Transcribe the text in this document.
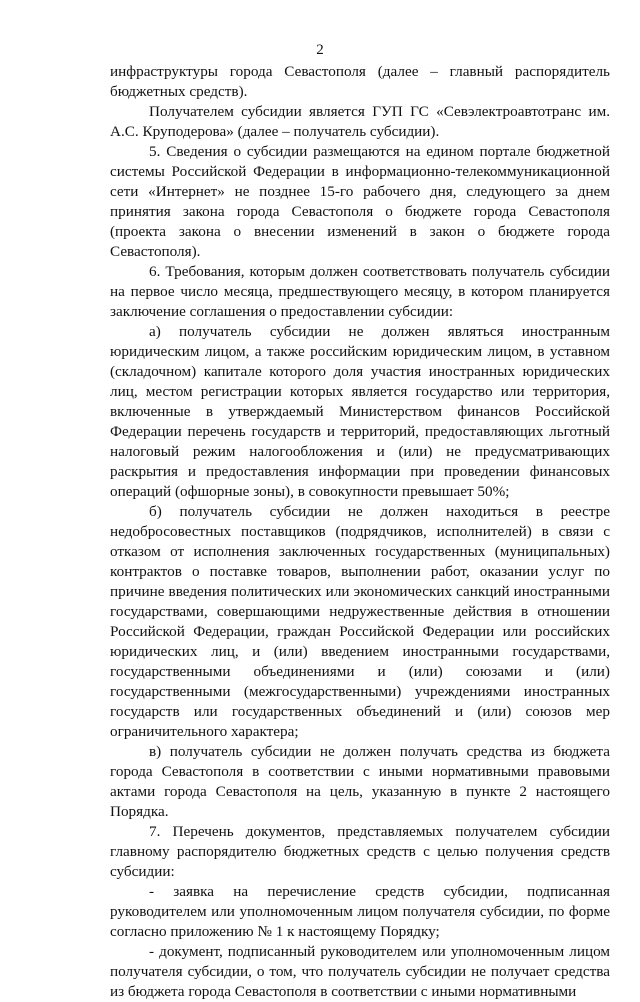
2

инфраструктуры города Севастополя (далее – главный распорядитель бюджетных средств).

Получателем субсидии является ГУП ГС «Севэлектроавтотранс им. А.С. Круподерова» (далее – получатель субсидии).

5. Сведения о субсидии размещаются на едином портале бюджетной системы Российской Федерации в информационно-телекоммуникационной сети «Интернет» не позднее 15-го рабочего дня, следующего за днем принятия закона города Севастополя о бюджете города Севастополя (проекта закона о внесении изменений в закон о бюджете города Севастополя).

6. Требования, которым должен соответствовать получатель субсидии на первое число месяца, предшествующего месяцу, в котором планируется заключение соглашения о предоставлении субсидии:

а) получатель субсидии не должен являться иностранным юридическим лицом, а также российским юридическим лицом, в уставном (складочном) капитале которого доля участия иностранных юридических лиц, местом регистрации которых является государство или территория, включенные в утверждаемый Министерством финансов Российской Федерации перечень государств и территорий, предоставляющих льготный налоговый режим налогообложения и (или) не предусматривающих раскрытия и предоставления информации при проведении финансовых операций (офшорные зоны), в совокупности превышает 50%;

б) получатель субсидии не должен находиться в реестре недобросовестных поставщиков (подрядчиков, исполнителей) в связи с отказом от исполнения заключенных государственных (муниципальных) контрактов о поставке товаров, выполнении работ, оказании услуг по причине введения политических или экономических санкций иностранными государствами, совершающими недружественные действия в отношении Российской Федерации, граждан Российской Федерации или российских юридических лиц, и (или) введением иностранными государствами, государственными объединениями и (или) союзами и (или) государственными (межгосударственными) учреждениями иностранных государств или государственных объединений и (или) союзов мер ограничительного характера;

в) получатель субсидии не должен получать средства из бюджета города Севастополя в соответствии с иными нормативными правовыми актами города Севастополя на цель, указанную в пункте 2 настоящего Порядка.

7. Перечень документов, представляемых получателем субсидии главному распорядителю бюджетных средств с целью получения средств субсидии:

- заявка на перечисление средств субсидии, подписанная руководителем или уполномоченным лицом получателя субсидии, по форме согласно приложению № 1 к настоящему Порядку;

- документ, подписанный руководителем или уполномоченным лицом получателя субсидии, о том, что получатель субсидии не получает средства из бюджета города Севастополя в соответствии с иными нормативными
